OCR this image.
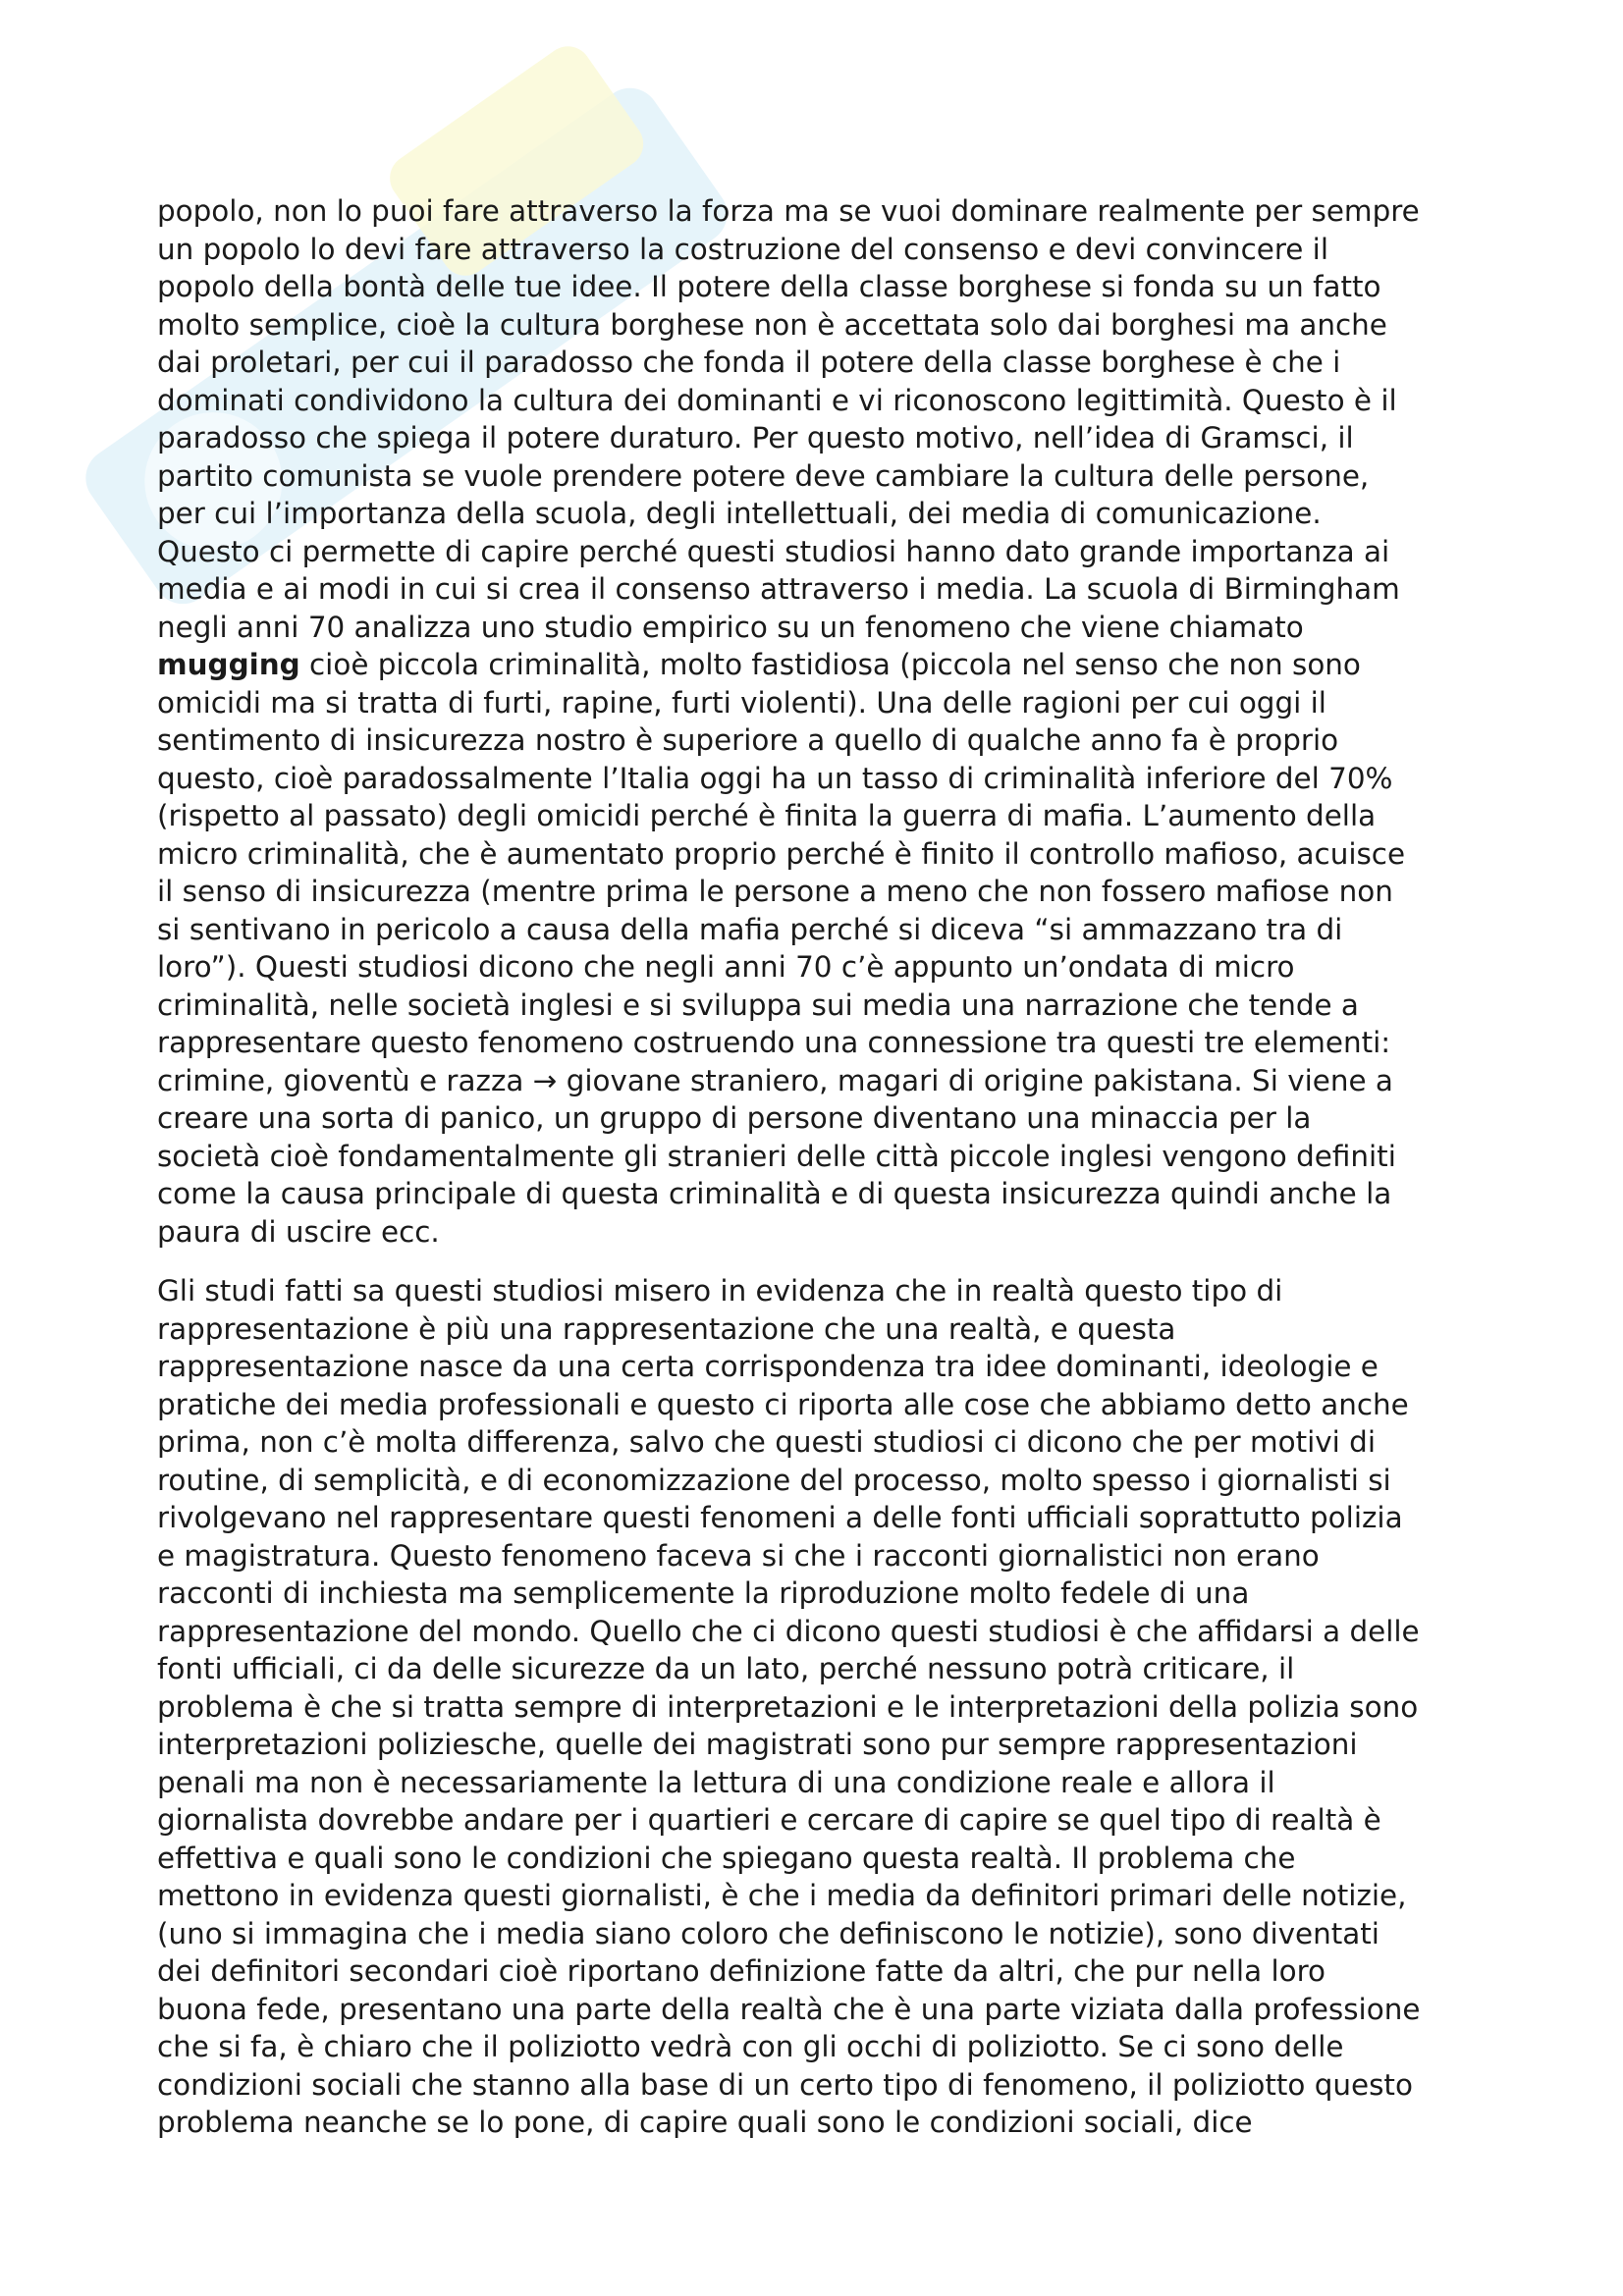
popolo, non lo puoi fare attraverso la forza ma se vuoi dominare realmente per sempre
un popolo lo devi fare attraverso la costruzione del consenso e devi convincere il
popolo della bontà delle tue idee. Il potere della classe borghese si fonda su un fatto
molto semplice, cioè la cultura borghese non è accettata solo dai borghesi ma anche
dai proletari, per cui il paradosso che fonda il potere della classe borghese è che i
dominati condividono la cultura dei dominanti e vi riconoscono legittimità. Questo è il
paradosso che spiega il potere duraturo. Per questo motivo, nell’idea di Gramsci, il
partito comunista se vuole prendere potere deve cambiare la cultura delle persone,
per cui l’importanza della scuola, degli intellettuali, dei media di comunicazione.
Questo ci permette di capire perché questi studiosi hanno dato grande importanza ai
media e ai modi in cui si crea il consenso attraverso i media. La scuola di Birmingham
negli anni 70 analizza uno studio empirico su un fenomeno che viene chiamato
mugging cioè piccola criminalità, molto fastidiosa (piccola nel senso che non sono
omicidi ma si tratta di furti, rapine, furti violenti). Una delle ragioni per cui oggi il
sentimento di insicurezza nostro è superiore a quello di qualche anno fa è proprio
questo, cioè paradossalmente l’Italia oggi ha un tasso di criminalità inferiore del 70%
(rispetto al passato) degli omicidi perché è finita la guerra di mafia. L’aumento della
micro criminalità, che è aumentato proprio perché è finito il controllo mafioso, acuisce
il senso di insicurezza (mentre prima le persone a meno che non fossero mafiose non
si sentivano in pericolo a causa della mafia perché si diceva “si ammazzano tra di
loro”). Questi studiosi dicono che negli anni 70 c’è appunto un’ondata di micro
criminalità, nelle società inglesi e si sviluppa sui media una narrazione che tende a
rappresentare questo fenomeno costruendo una connessione tra questi tre elementi:
crimine, gioventù e razza → giovane straniero, magari di origine pakistana. Si viene a
creare una sorta di panico, un gruppo di persone diventano una minaccia per la
società cioè fondamentalmente gli stranieri delle città piccole inglesi vengono definiti
come la causa principale di questa criminalità e di questa insicurezza quindi anche la
paura di uscire ecc.

Gli studi fatti sa questi studiosi misero in evidenza che in realtà questo tipo di
rappresentazione è più una rappresentazione che una realtà, e questa
rappresentazione nasce da una certa corrispondenza tra idee dominanti, ideologie e
pratiche dei media professionali e questo ci riporta alle cose che abbiamo detto anche
prima, non c’è molta differenza, salvo che questi studiosi ci dicono che per motivi di
routine, di semplicità, e di economizzazione del processo, molto spesso i giornalisti si
rivolgevano nel rappresentare questi fenomeni a delle fonti ufficiali soprattutto polizia
e magistratura. Questo fenomeno faceva si che i racconti giornalistici non erano
racconti di inchiesta ma semplicemente la riproduzione molto fedele di una
rappresentazione del mondo. Quello che ci dicono questi studiosi è che affidarsi a delle
fonti ufficiali, ci da delle sicurezze da un lato, perché nessuno potrà criticare, il
problema è che si tratta sempre di interpretazioni e le interpretazioni della polizia sono
interpretazioni poliziesche, quelle dei magistrati sono pur sempre rappresentazioni
penali ma non è necessariamente la lettura di una condizione reale e allora il
giornalista dovrebbe andare per i quartieri e cercare di capire se quel tipo di realtà è
effettiva e quali sono le condizioni che spiegano questa realtà. Il problema che
mettono in evidenza questi giornalisti, è che i media da definitori primari delle notizie,
(uno si immagina che i media siano coloro che definiscono le notizie), sono diventati
dei definitori secondari cioè riportano definizione fatte da altri, che pur nella loro
buona fede, presentano una parte della realtà che è una parte viziata dalla professione
che si fa, è chiaro che il poliziotto vedrà con gli occhi di poliziotto. Se ci sono delle
condizioni sociali che stanno alla base di un certo tipo di fenomeno, il poliziotto questo
problema neanche se lo pone, di capire quali sono le condizioni sociali, dice
